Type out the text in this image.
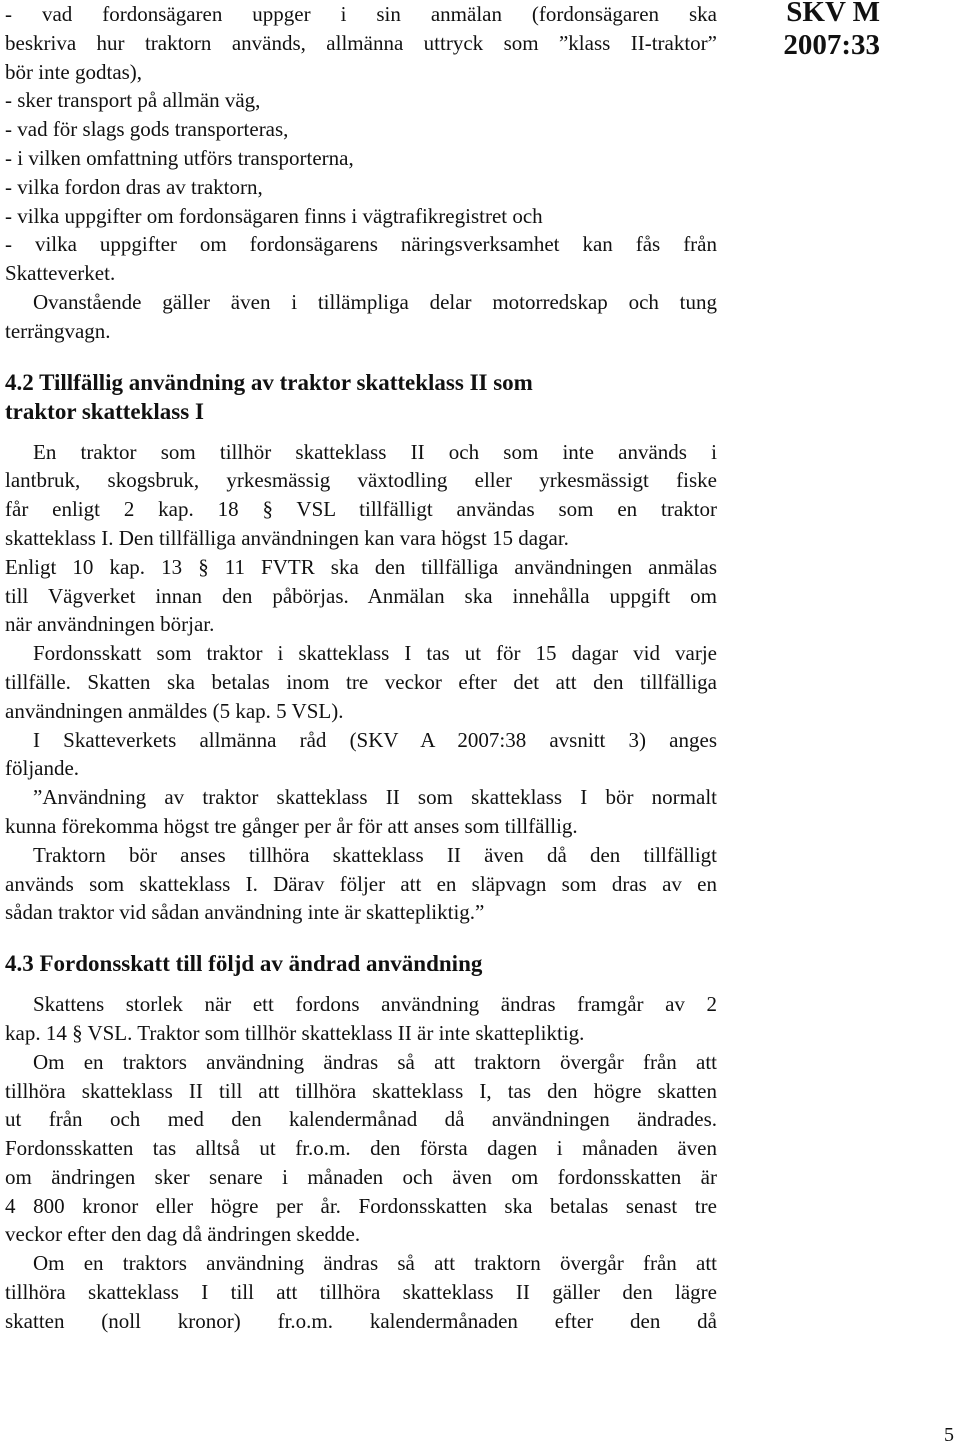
SKV M
2007:33
- vad fordonsägaren uppger i sin anmälan (fordonsägaren ska
beskriva hur traktorn används, allmänna uttryck som ”klass II-traktor”
bör inte godtas),
- sker transport på allmän väg,
- vad för slags gods transporteras,
- i vilken omfattning utförs transporterna,
- vilka fordon dras av traktorn,
- vilka uppgifter om fordonsägaren finns i vägtrafikregistret och
- vilka uppgifter om fordonsägarens näringsverksamhet kan fås från
Skatteverket.
Ovanstående gäller även i tillämpliga delar motorredskap och tung
terrängvagn.
4.2 Tillfällig användning av traktor skatteklass II som
traktor skatteklass I
En traktor som tillhör skatteklass II och som inte används i
lantbruk, skogsbruk, yrkesmässig växtodling eller yrkesmässigt fiske
får enligt 2 kap. 18 § VSL tillfälligt användas som en traktor
skatteklass I. Den tillfälliga användningen kan vara högst 15 dagar.
Enligt 10 kap. 13 § 11 FVTR ska den tillfälliga användningen anmälas
till Vägverket innan den påbörjas. Anmälan ska innehålla uppgift om
när användningen börjar.
Fordonsskatt som traktor i skatteklass I tas ut för 15 dagar vid varje
tillfälle. Skatten ska betalas inom tre veckor efter det att den tillfälliga
användningen anmäldes (5 kap. 5 VSL).
I Skatteverkets allmänna råd (SKV A 2007:38 avsnitt 3) anges
följande.
”Användning av traktor skatteklass II som skatteklass I bör normalt
kunna förekomma högst tre gånger per år för att anses som tillfällig.
Traktorn bör anses tillhöra skatteklass II även då den tillfälligt
används som skatteklass I. Därav följer att en släpvagn som dras av en
sådan traktor vid sådan användning inte är skattepliktig.”
4.3 Fordonsskatt till följd av ändrad användning
Skattens storlek när ett fordons användning ändras framgår av 2
kap. 14 § VSL. Traktor som tillhör skatteklass II är inte skattepliktig.
Om en traktors användning ändras så att traktorn övergår från att
tillhöra skatteklass II till att tillhöra skatteklass I, tas den högre skatten
ut från och med den kalendermånad då användningen ändrades.
Fordonsskatten tas alltså ut fr.o.m. den första dagen i månaden även
om ändringen sker senare i månaden och även om fordonsskatten är
4 800 kronor eller högre per år. Fordonsskatten ska betalas senast tre
veckor efter den dag då ändringen skedde.
Om en traktors användning ändras så att traktorn övergår från att
tillhöra skatteklass I till att tillhöra skatteklass II gäller den lägre
skatten (noll kronor) fr.o.m. kalendermånaden efter den då
5
